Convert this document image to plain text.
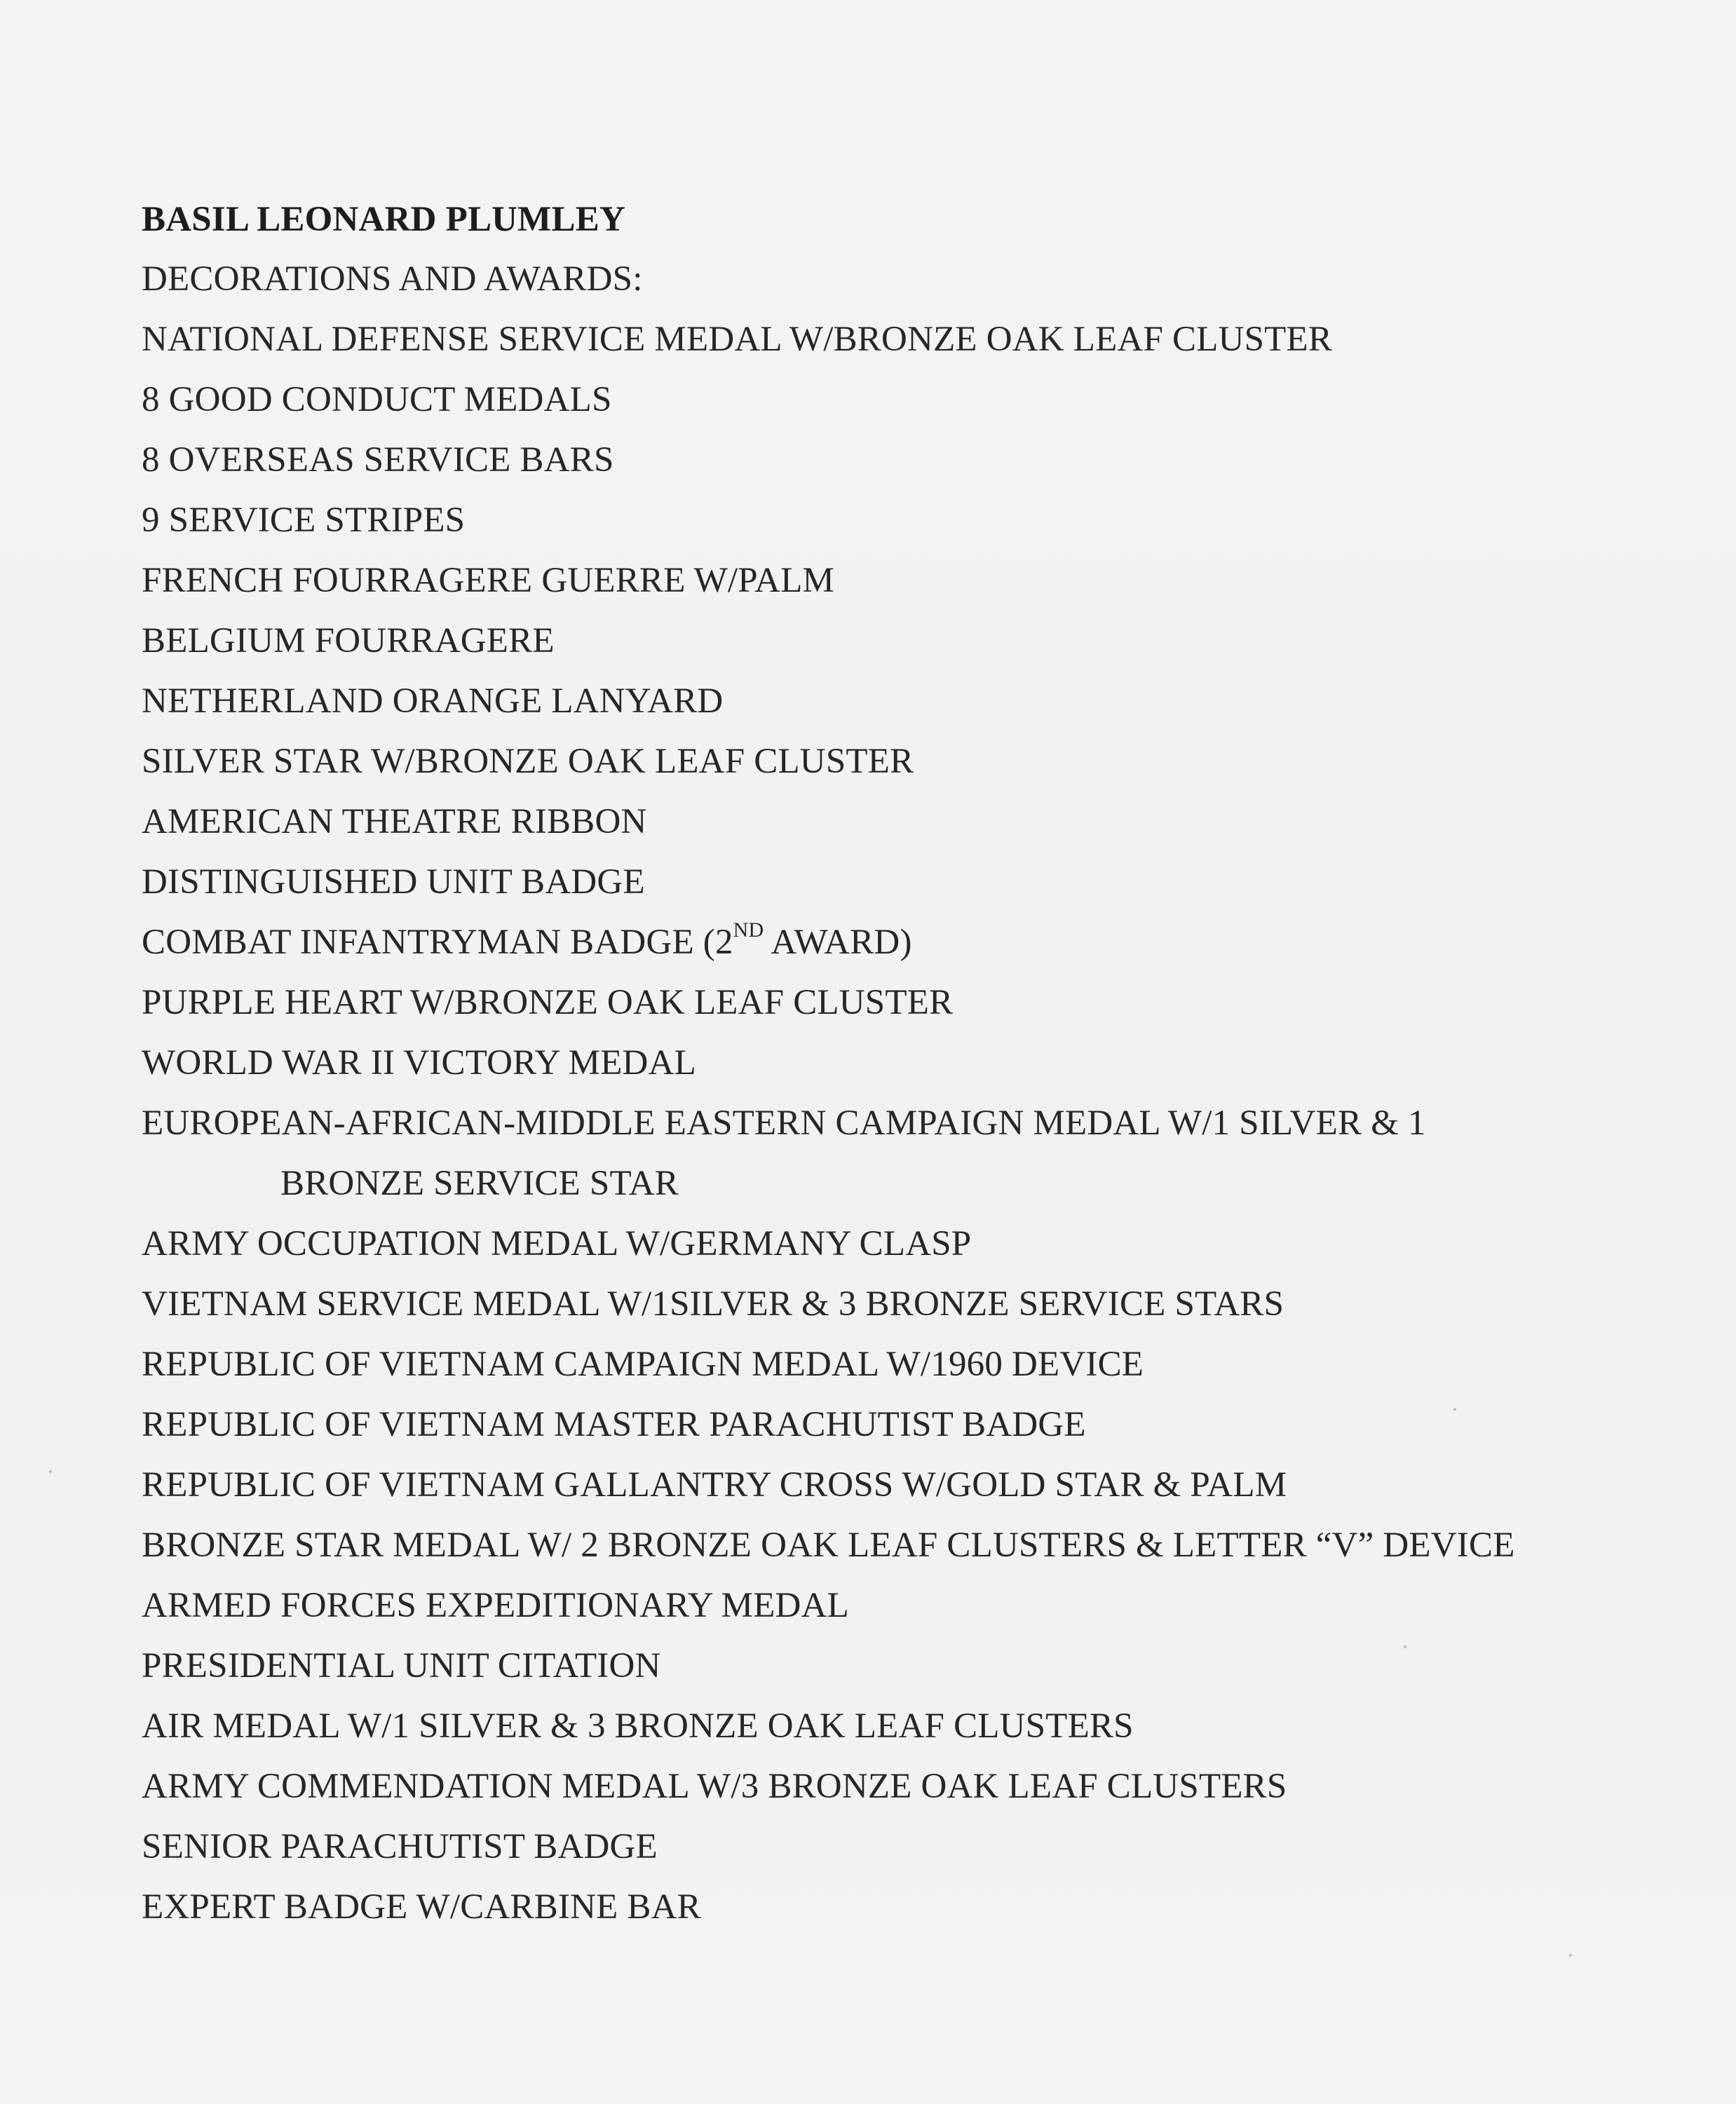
BASIL LEONARD PLUMLEY

DECORATIONS AND AWARDS:

NATIONAL DEFENSE SERVICE MEDAL W/BRONZE OAK LEAF CLUSTER

8 GOOD CONDUCT MEDALS

8 OVERSEAS SERVICE BARS

9 SERVICE STRIPES

FRENCH FOURRAGERE GUERRE W/PALM

BELGIUM FOURRAGERE

NETHERLAND ORANGE LANYARD

SILVER STAR W/BRONZE OAK LEAF CLUSTER

AMERICAN THEATRE RIBBON

DISTINGUISHED UNIT BADGE

COMBAT INFANTRYMAN BADGE (2ND AWARD)

PURPLE HEART W/BRONZE OAK LEAF CLUSTER

WORLD WAR II VICTORY MEDAL

EUROPEAN-AFRICAN-MIDDLE EASTERN CAMPAIGN MEDAL W/1 SILVER & 1

BRONZE SERVICE STAR

ARMY OCCUPATION MEDAL W/GERMANY CLASP

VIETNAM SERVICE MEDAL W/1SILVER & 3 BRONZE SERVICE STARS

REPUBLIC OF VIETNAM CAMPAIGN MEDAL W/1960 DEVICE

REPUBLIC OF VIETNAM MASTER PARACHUTIST BADGE

REPUBLIC OF VIETNAM GALLANTRY CROSS W/GOLD STAR & PALM

BRONZE STAR MEDAL W/ 2 BRONZE OAK LEAF CLUSTERS & LETTER “V” DEVICE

ARMED FORCES EXPEDITIONARY MEDAL

PRESIDENTIAL UNIT CITATION

AIR MEDAL W/1 SILVER & 3 BRONZE OAK LEAF CLUSTERS

ARMY COMMENDATION MEDAL W/3 BRONZE OAK LEAF CLUSTERS

SENIOR PARACHUTIST BADGE

EXPERT BADGE W/CARBINE BAR
